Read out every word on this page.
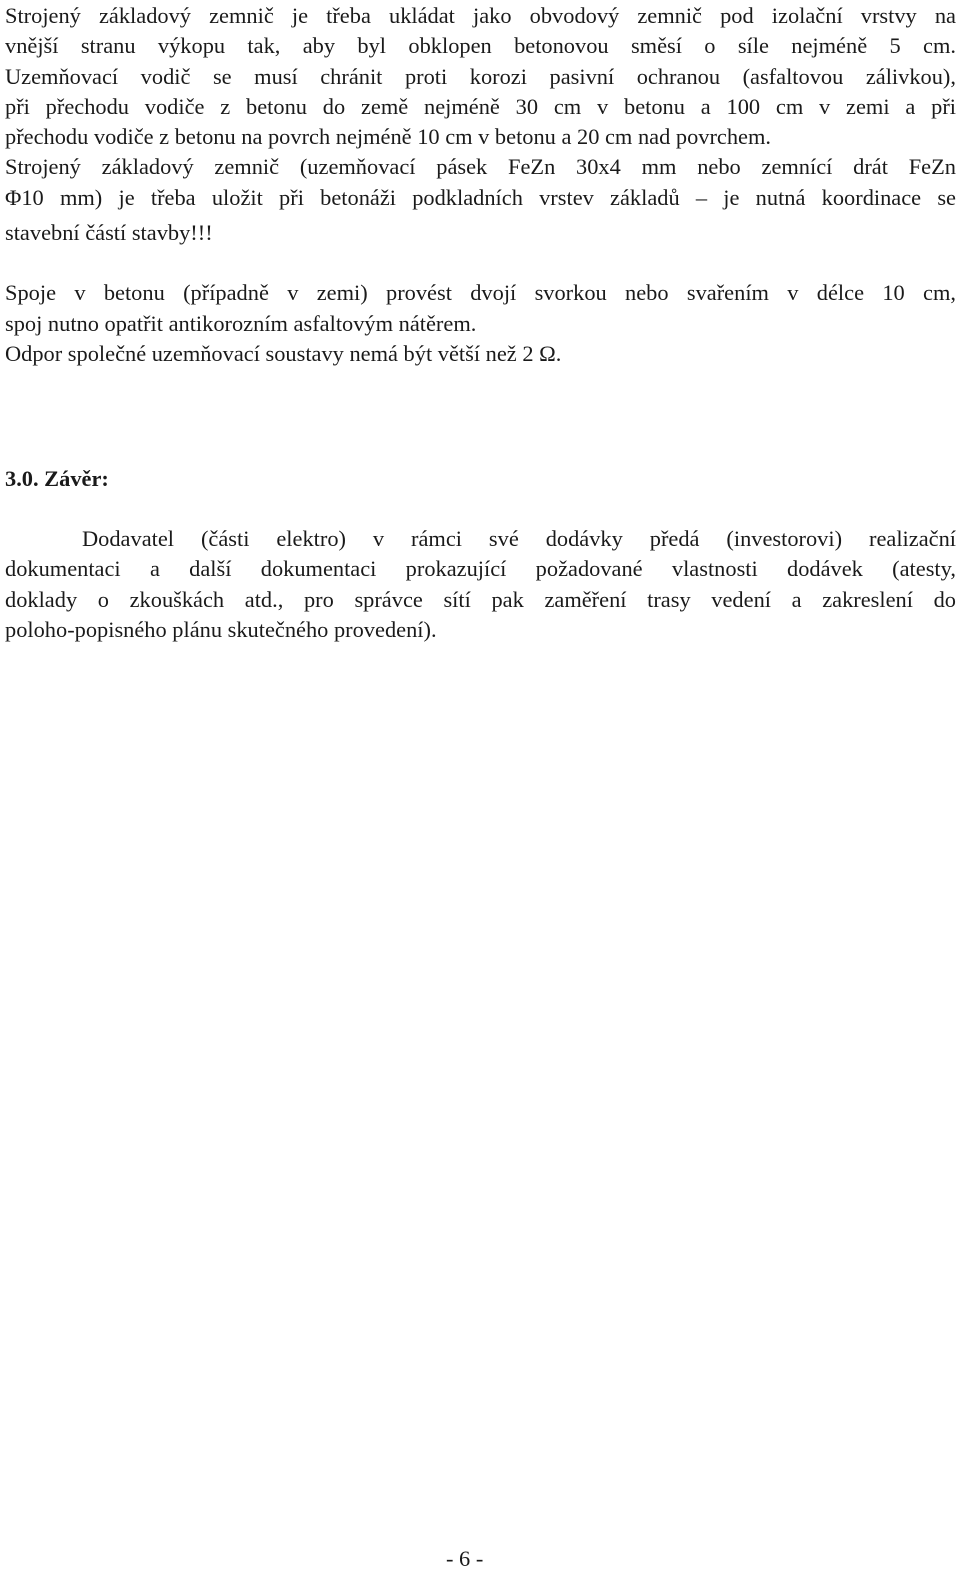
Strojený základový zemnič je třeba ukládat jako obvodový zemnič pod izolační vrstvy na
vnější stranu výkopu tak, aby byl obklopen betonovou směsí o síle nejméně 5 cm.
Uzemňovací vodič se musí chránit proti korozi pasivní ochranou (asfaltovou zálivkou),
při přechodu vodiče z betonu do země nejméně 30 cm v betonu a 100 cm v zemi a při
přechodu vodiče z betonu na povrch nejméně 10 cm v betonu a 20 cm nad povrchem.
Strojený základový zemnič (uzemňovací pásek FeZn 30x4 mm nebo zemnící drát FeZn
Φ10 mm) je třeba uložit při betonáži podkladních vrstev základů – je nutná koordinace se
stavební částí stavby!!!
Spoje v betonu (případně v zemi) provést dvojí svorkou nebo svařením v délce 10 cm,
spoj nutno opatřit antikorozním asfaltovým nátěrem.
Odpor společné uzemňovací soustavy nemá být větší než 2 Ω.
3.0. Závěr:
Dodavatel (části elektro) v rámci své dodávky předá (investorovi) realizační
dokumentaci a další dokumentaci prokazující požadované vlastnosti dodávek (atesty,
doklady o zkouškách atd., pro správce sítí pak zaměření trasy vedení a zakreslení do
poloho-popisného plánu skutečného provedení).
- 6 -
